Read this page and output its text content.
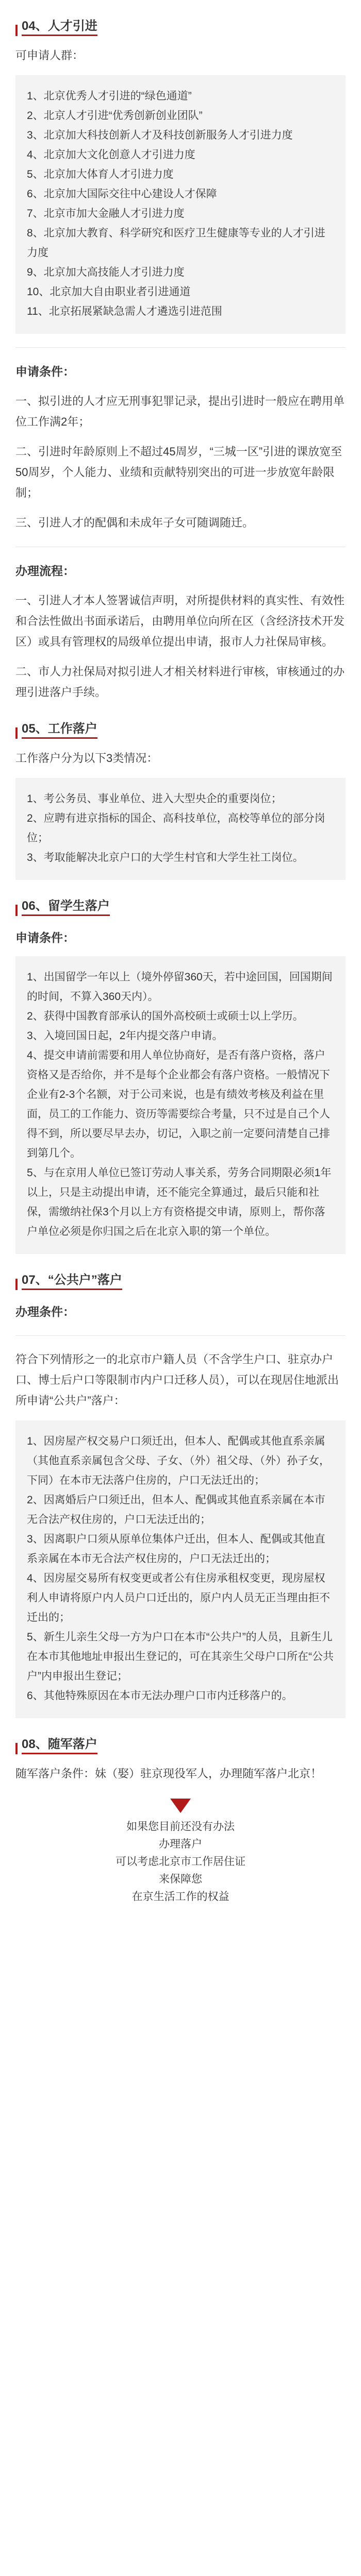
04、人才引进
可申请人群：
1、北京优秀人才引进的“绿色通道”
2、北京人才引进“优秀创新创业团队”
3、北京加大科技创新人才及科技创新服务人才引进力度
4、北京加大文化创意人才引进力度
5、北京加大体育人才引进力度
6、北京加大国际交往中心建设人才保障
7、北京市加大金融人才引进力度
8、北京加大教育、科学研究和医疗卫生健康等专业的人才引进力度
9、北京加大高技能人才引进力度
10、北京加大自由职业者引进通道
11、北京拓展紧缺急需人才遴选引进范围
申请条件：
一、拟引进的人才应无刑事犯罪记录，提出引进时一般应在聘用单位工作满2年；
二、引进时年龄原则上不超过45周岁，“三城一区”引进的课放宽至50周岁，个人能力、业绩和贡献特别突出的可进一步放宽年龄限制；
三、引进人才的配偶和未成年子女可随调随迁。
办理流程：
一、引进人才本人签署诚信声明，对所提供材料的真实性、有效性和合法性做出书面承诺后，由聘用单位向所在区（含经济技术开发区）或具有管理权的局级单位提出申请，报市人力社保局审核。
二、市人力社保局对拟引进人才相关材料进行审核，审核通过的办理引进落户手续。
05、工作落户
工作落户分为以下3类情况：
1、考公务员、事业单位、进入大型央企的重要岗位；
2、应聘有进京指标的国企、高科技单位，高校等单位的部分岗位；
3、考取能解决北京户口的大学生村官和大学生社工岗位。
06、留学生落户
申请条件：
1、出国留学一年以上（境外停留360天，若中途回国，回国期间的时间，不算入360天内）。
2、获得中国教育部承认的国外高校硕士或硕士以上学历。
3、入境回国日起，2年内提交落户申请。
4、提交申请前需要和用人单位协商好，是否有落户资格，落户资格又是否给你，并不是每个企业都会有落户资格。一般情况下企业有2-3个名额，对于公司来说，也是有绩效考核及利益在里面，员工的工作能力、资历等需要综合考量，只不过是自己个人得不到，所以要尽早去办，切记，入职之前一定要问清楚自己排到第几个。
5、与在京用人单位已签订劳动人事关系，劳务合同期限必须1年以上，只是主动提出申请，还不能完全算通过，最后只能和社保，需缴纳社保3个月以上方有资格提交申请，原则上，帮你落户单位必须是你归国之后在北京入职的第一个单位。
07、“公共户”落户
办理条件：
符合下列情形之一的北京市户籍人员（不含学生户口、驻京办户口、博士后户口等限制市内户口迁移人员），可以在现居住地派出所申请“公共户”落户：
1、因房屋产权交易户口须迁出，但本人、配偶或其他直系亲属（其他直系亲属包含父母、子女、（外）祖父母、（外）孙子女，下同）在本市无法落户住房的，户口无法迁出的；
2、因离婚后户口须迁出，但本人、配偶或其他直系亲属在本市无合法产权住房的，户口无法迁出的；
3、因离职户口须从原单位集体户迁出，但本人、配偶或其他直系亲属在本市无合法产权住房的，户口无法迁出的；
4、因房屋交易所有权变更或者公有住房承租权变更，现房屋权利人申请将原户内人员户口迁出的，原户内人员无正当理由拒不迁出的；
5、新生儿亲生父母一方为户口在本市“公共户”的人员，且新生儿在本市其他地址申报出生登记的，可在其亲生父母户口所在“公共户”内申报出生登记；
6、其他特殊原因在本市无法办理户口市内迁移落户的。
08、随军落户
随军落户条件：妹（娶）驻京现役军人，办理随军落户北京！
如果您目前还没有办法
办理落户
可以考虑北京市工作居住证
来保障您
在京生活工作的权益
